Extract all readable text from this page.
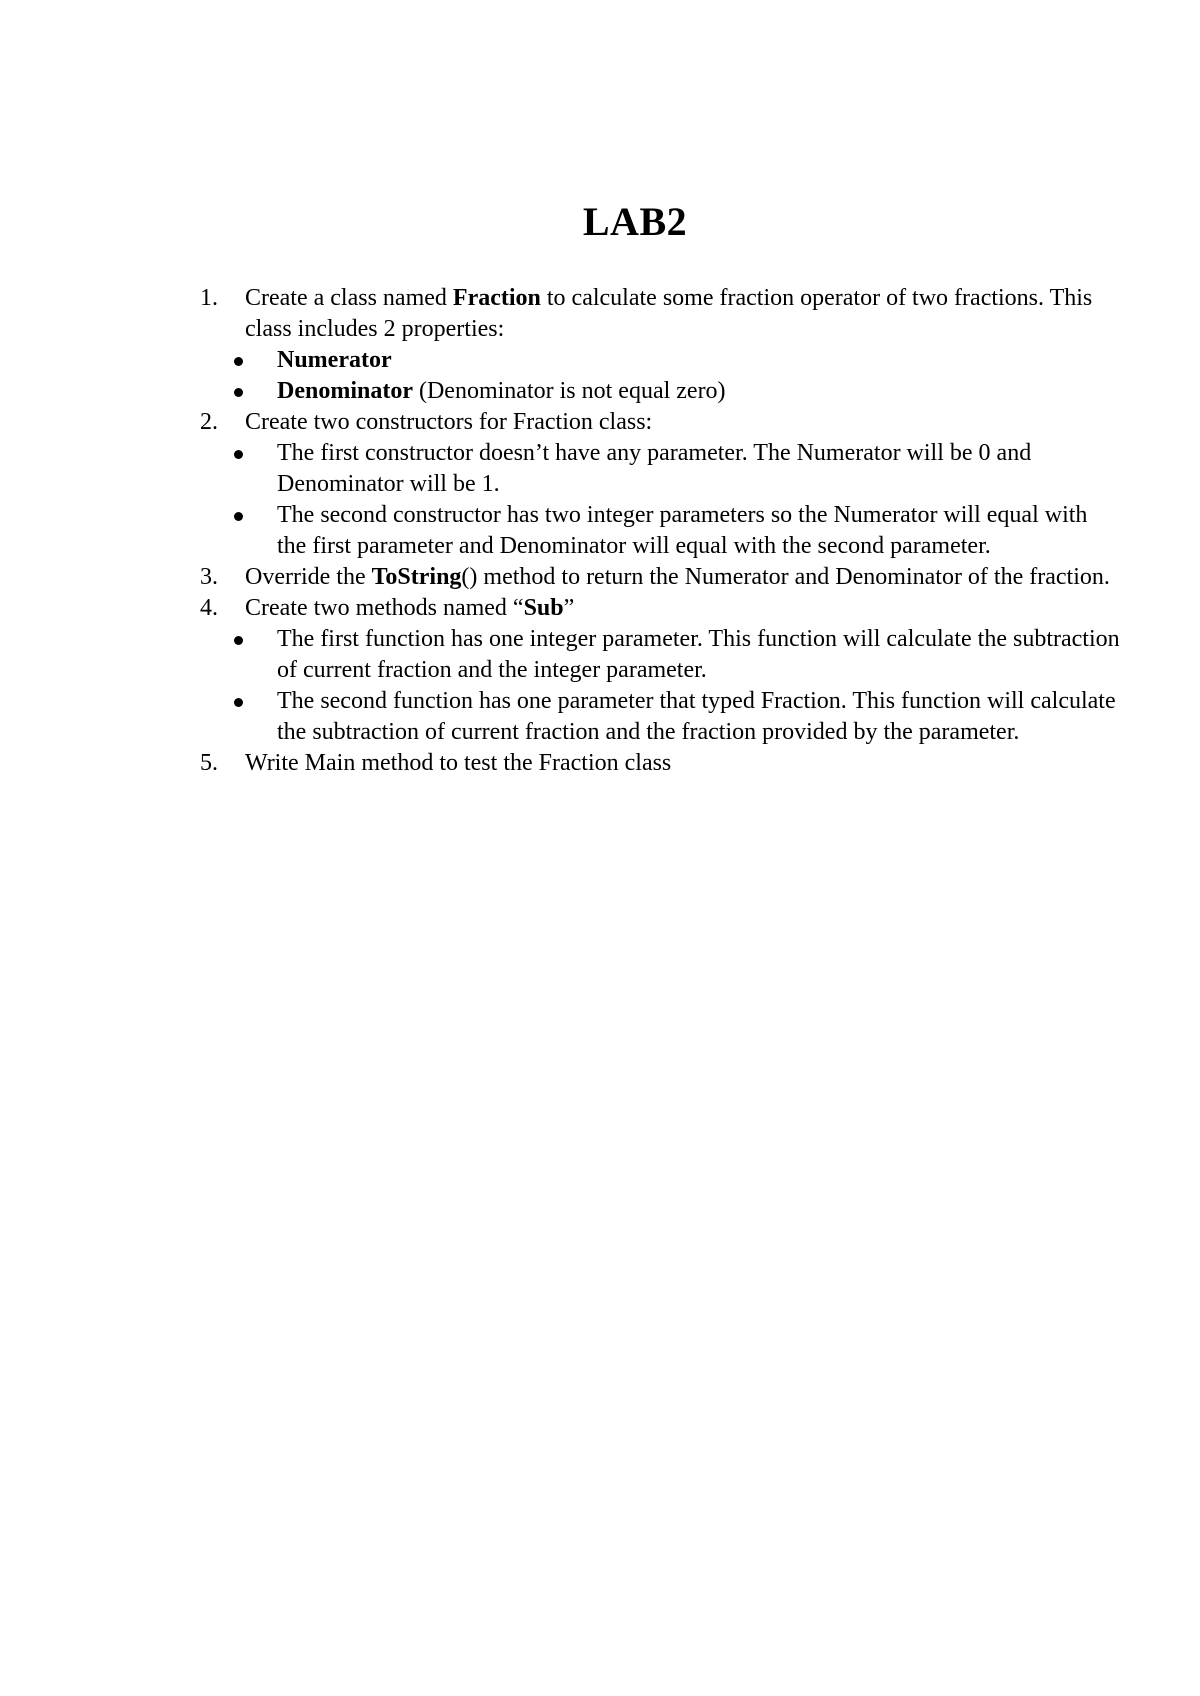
LAB2
1.	Create a class named Fraction to calculate some fraction operator of two fractions. This class includes 2 properties:
Numerator
Denominator (Denominator is not equal zero)
2.	Create two constructors for Fraction class:
The first constructor doesn’t have any parameter. The Numerator will be 0 and Denominator will be 1.
The second constructor has two integer parameters so the Numerator will equal with the first parameter and Denominator will equal with the second parameter.
3.	Override the ToString() method to return the Numerator and Denominator of the fraction.
4.	Create two methods named “Sub”
The first function has one integer parameter. This function will calculate the subtraction of current fraction and the integer parameter.
The second function has one parameter that typed Fraction. This function will calculate the subtraction of current fraction and the fraction provided by the parameter.
5.	Write Main method to test the Fraction class
